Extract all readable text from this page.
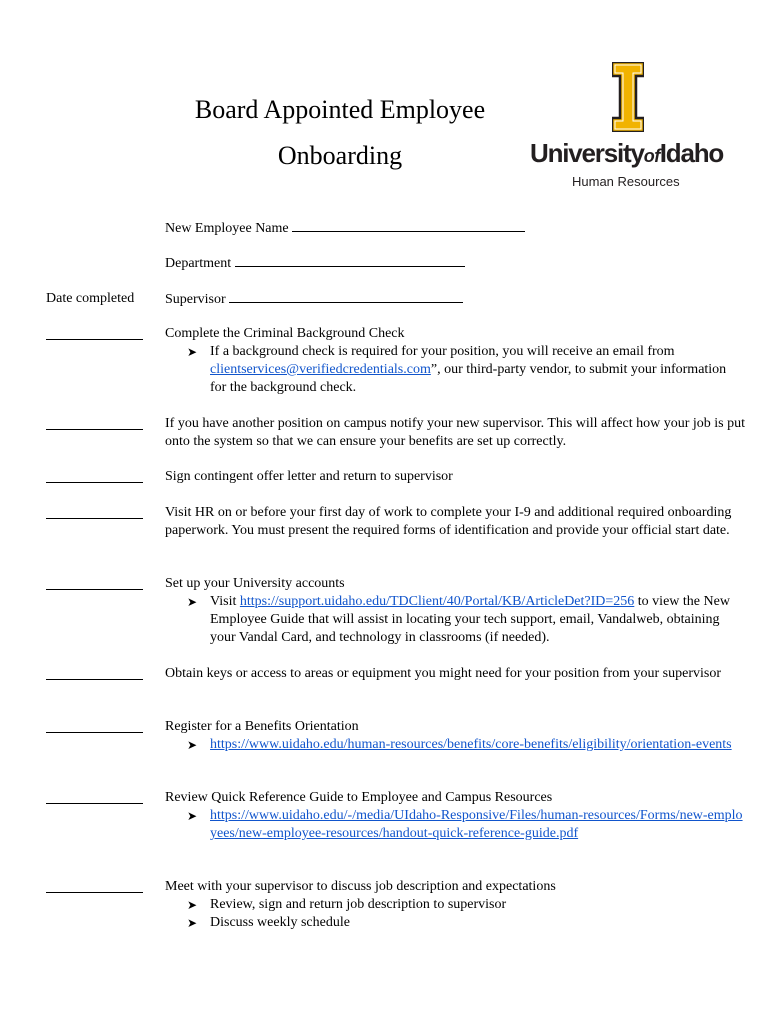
Board Appointed Employee
Onboarding	UniversityofIdaho
Human Resources
New Employee Name
Department
Date completed Supervisor

Complete the Criminal Background Check

➤ If a background check is required for your position, you will receive an email from clientservices@verifiedcredentials.com”, our third-party vendor, to submit your information for the background check.

If you have another position on campus notify your new supervisor. This will affect how your job is put onto the system so that we can ensure your benefits are set up correctly.

Sign contingent offer letter and return to supervisor

Visit HR on or before your first day of work to complete your I-9 and additional required onboarding paperwork. You must present the required forms of identification and provide your official start date.

Set up your University accounts

➤ Visit https://support.uidaho.edu/TDClient/40/Portal/KB/ArticleDet?ID=256 to view the New Employee Guide that will assist in locating your tech support, email, Vandalweb, obtaining your Vandal Card, and technology in classrooms (if needed).

Obtain keys or access to areas or equipment you might need for your position from your supervisor

Register for a Benefits Orientation

➤ https://www.uidaho.edu/human-resources/benefits/core-benefits/eligibility/orientation-events

Review Quick Reference Guide to Employee and Campus Resources

➤ https://www.uidaho.edu/-/media/UIdaho-Responsive/Files/human-resources/Forms/new-employees/new-employee-resources/handout-quick-reference-guide.pdf

Meet with your supervisor to discuss job description and expectations

➤ Review, sign and return job description to supervisor
➤ Discuss weekly schedule
